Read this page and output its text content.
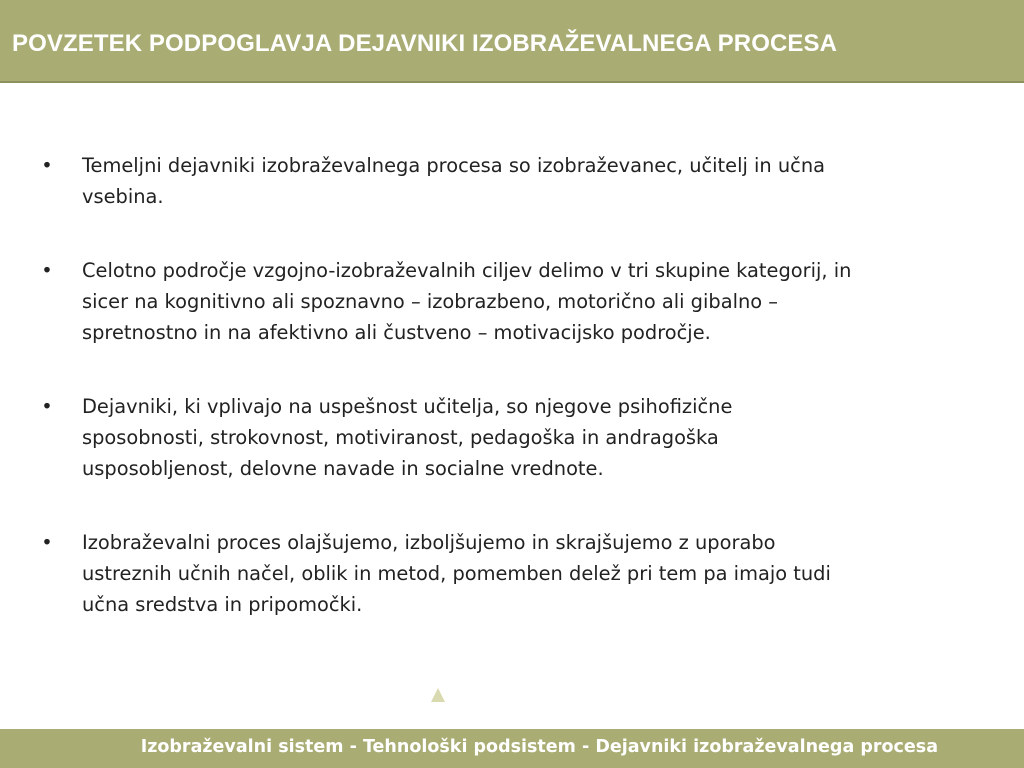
POVZETEK PODPOGLAVJA DEJAVNIKI IZOBRAŽEVALNEGA PROCESA
• Temeljni dejavniki izobraževalnega procesa so izobraževanec, učitelj in učna vsebina.
• Celotno področje vzgojno-izobraževalnih ciljev delimo v tri skupine kategorij, in sicer na kognitivno ali spoznavno – izobrazbeno, motorično ali gibalno – spretnostno in na afektivno ali čustveno – motivacijsko področje.
• Dejavniki, ki vplivajo na uspešnost učitelja, so njegove psihofizične sposobnosti, strokovnost, motiviranost, pedagoška in andragoška usposobljenost, delovne navade in socialne vrednote.
• Izobraževalni proces olajšujemo, izboljšujemo in skrajšujemo z uporabo ustreznih učnih načel, oblik in metod, pomemben delež pri tem pa imajo tudi učna sredstva in pripomočki.

Izobraževalni sistem - Tehnološki podsistem - Dejavniki izobraževalnega procesa
